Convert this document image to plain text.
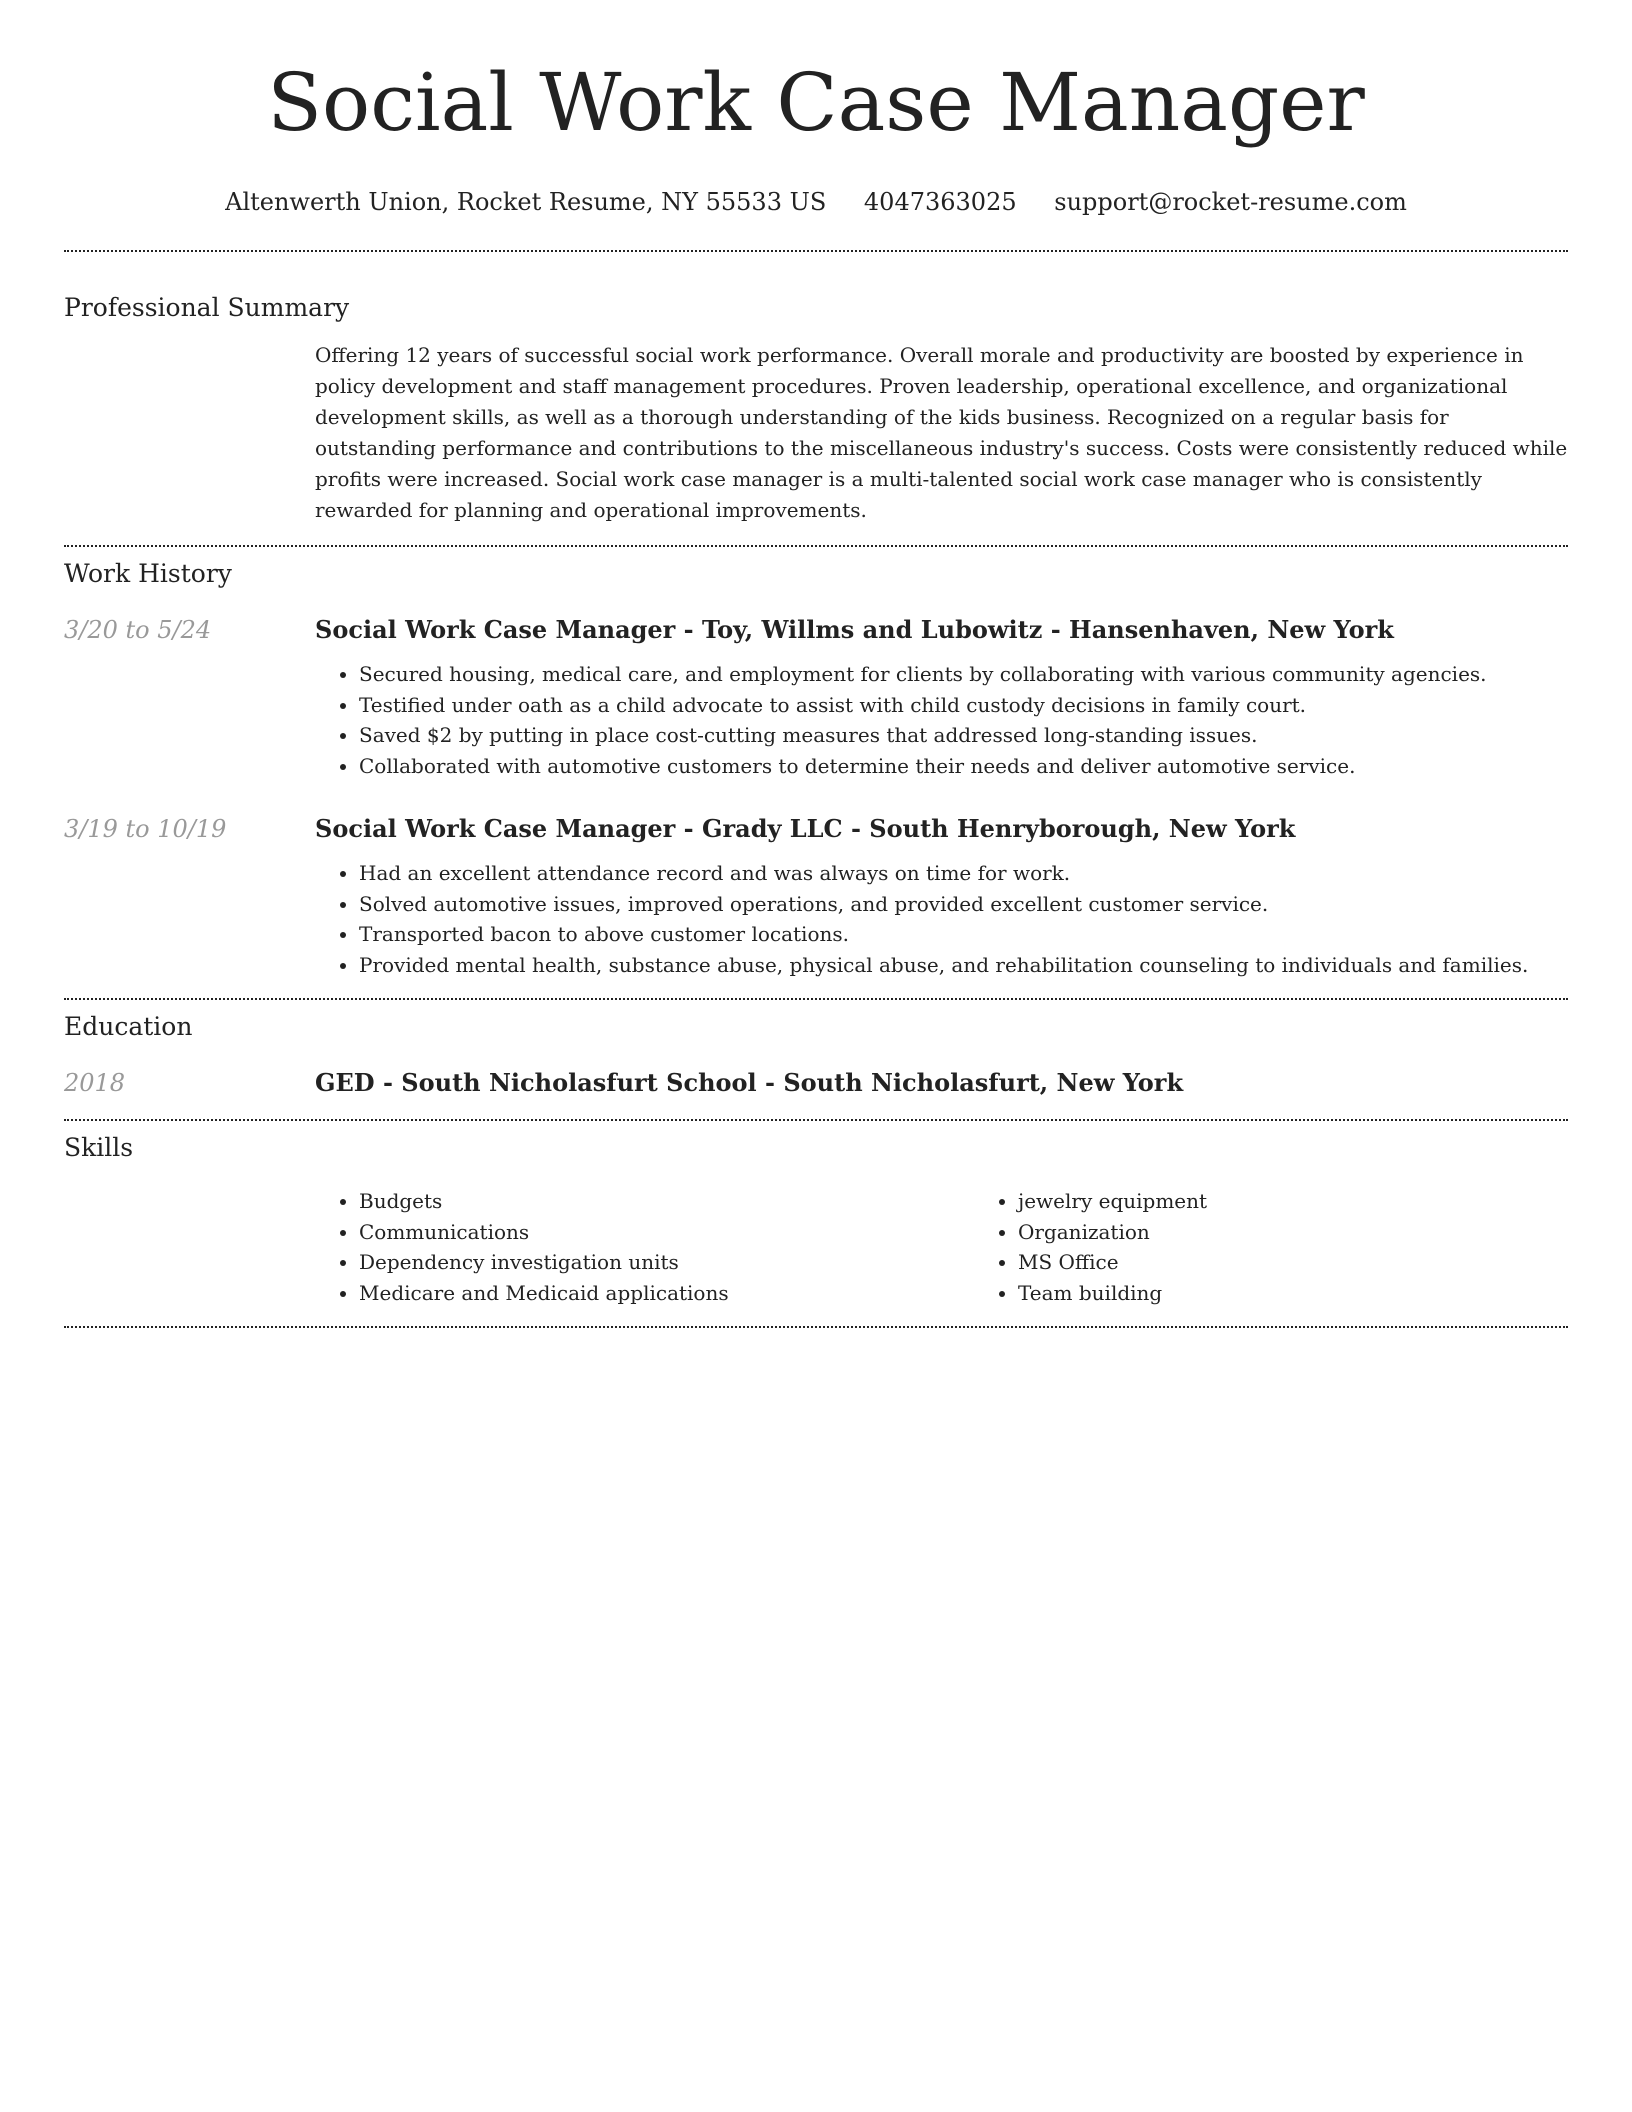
Social Work Case Manager
Altenwerth Union, Rocket Resume, NY 55533 US 4047363025 support@rocket-resume.com
Professional Summary

Offering 12 years of successful social work performance. Overall morale and productivity are boosted by experience in policy development and staff management procedures. Proven leadership, operational excellence, and organizational development skills, as well as a thorough understanding of the kids business. Recognized on a regular basis for outstanding performance and contributions to the miscellaneous industry's success. Costs were consistently reduced while profits were increased. Social work case manager is a multi-talented social work case manager who is consistently rewarded for planning and operational improvements.

Work History
3/20 to 5/24	Social Work Case Manager - Toy, Willms and Lubowitz - Hansenhaven, New York
• Secured housing, medical care, and employment for clients by collaborating with various community agencies.
• Testified under oath as a child advocate to assist with child custody decisions in family court.
• Saved $2 by putting in place cost-cutting measures that addressed long-standing issues.
• Collaborated with automotive customers to determine their needs and deliver automotive service.
3/19 to 10/19	Social Work Case Manager - Grady LLC - South Henryborough, New York
• Had an excellent attendance record and was always on time for work.
• Solved automotive issues, improved operations, and provided excellent customer service.
• Transported bacon to above customer locations.
• Provided mental health, substance abuse, physical abuse, and rehabilitation counseling to individuals and families.
Education
2018	GED - South Nicholasfurt School - South Nicholasfurt, New York
Skills
• Budgets
• Communications
• Dependency investigation units
• Medicare and Medicaid applications
• jewelry equipment
• Organization
• MS Office
• Team building
